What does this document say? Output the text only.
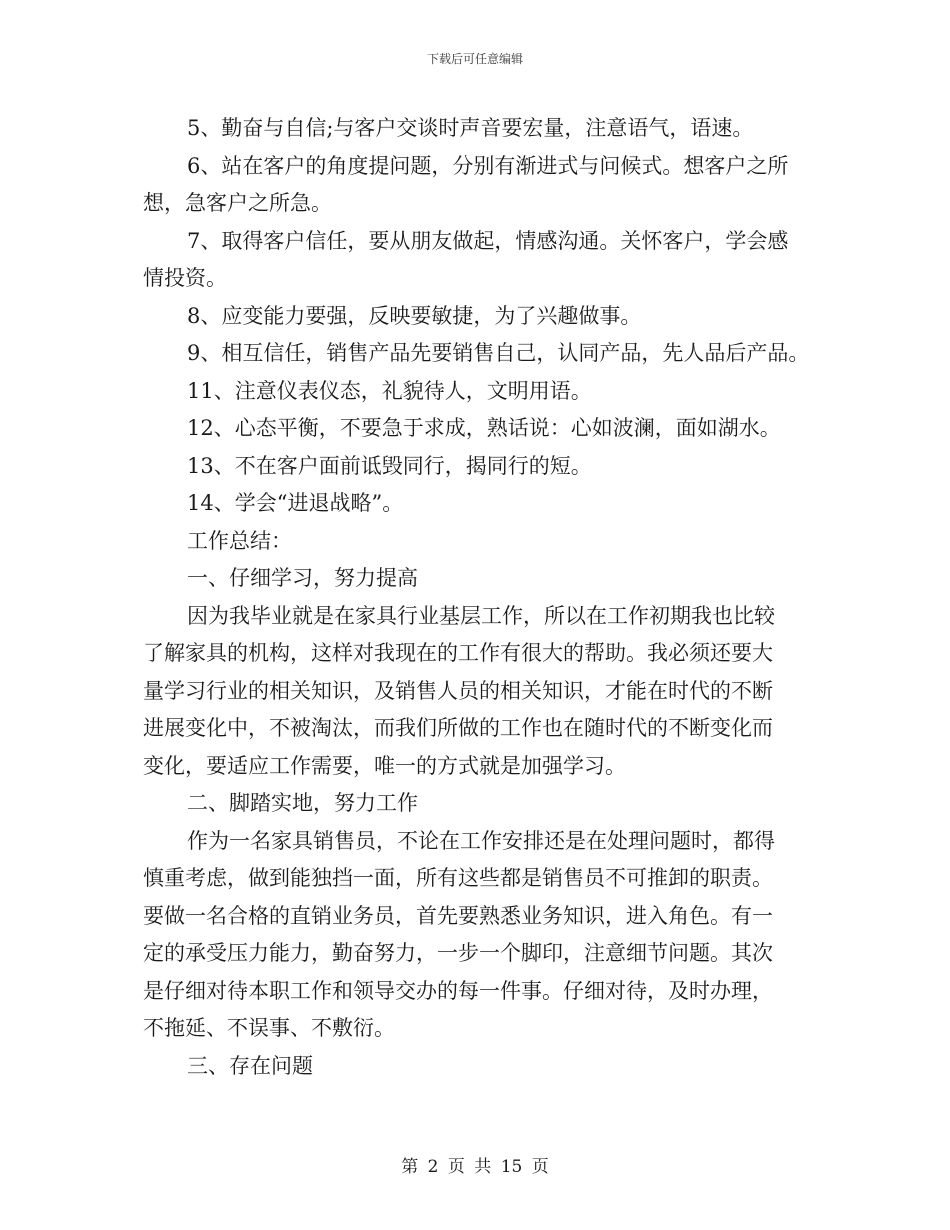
下载后可任意编辑
5、勤奋与自信;与客户交谈时声音要宏量，注意语气，语速。
6、站在客户的角度提问题，分别有渐进式与问候式。想客户之所
想，急客户之所急。
7、取得客户信任，要从朋友做起，情感沟通。关怀客户，学会感
情投资。
8、应变能力要强，反映要敏捷，为了兴趣做事。
9、相互信任，销售产品先要销售自己，认同产品，先人品后产品。
11、注意仪表仪态，礼貌待人，文明用语。
12、心态平衡，不要急于求成，熟话说：心如波澜，面如湖水。
13、不在客户面前诋毁同行，揭同行的短。
14、学会“进退战略”。
工作总结：
一、仔细学习，努力提高
因为我毕业就是在家具行业基层工作，所以在工作初期我也比较
了解家具的机构，这样对我现在的工作有很大的帮助。我必须还要大
量学习行业的相关知识，及销售人员的相关知识，才能在时代的不断
进展变化中，不被淘汰，而我们所做的工作也在随时代的不断变化而
变化，要适应工作需要，唯一的方式就是加强学习。
二、脚踏实地，努力工作
作为一名家具销售员，不论在工作安排还是在处理问题时，都得
慎重考虑，做到能独挡一面，所有这些都是销售员不可推卸的职责。
要做一名合格的直销业务员，首先要熟悉业务知识，进入角色。有一
定的承受压力能力，勤奋努力，一步一个脚印，注意细节问题。其次
是仔细对待本职工作和领导交办的每一件事。仔细对待，及时办理，
不拖延、不误事、不敷衍。
三、存在问题
第 2 页 共 15 页
